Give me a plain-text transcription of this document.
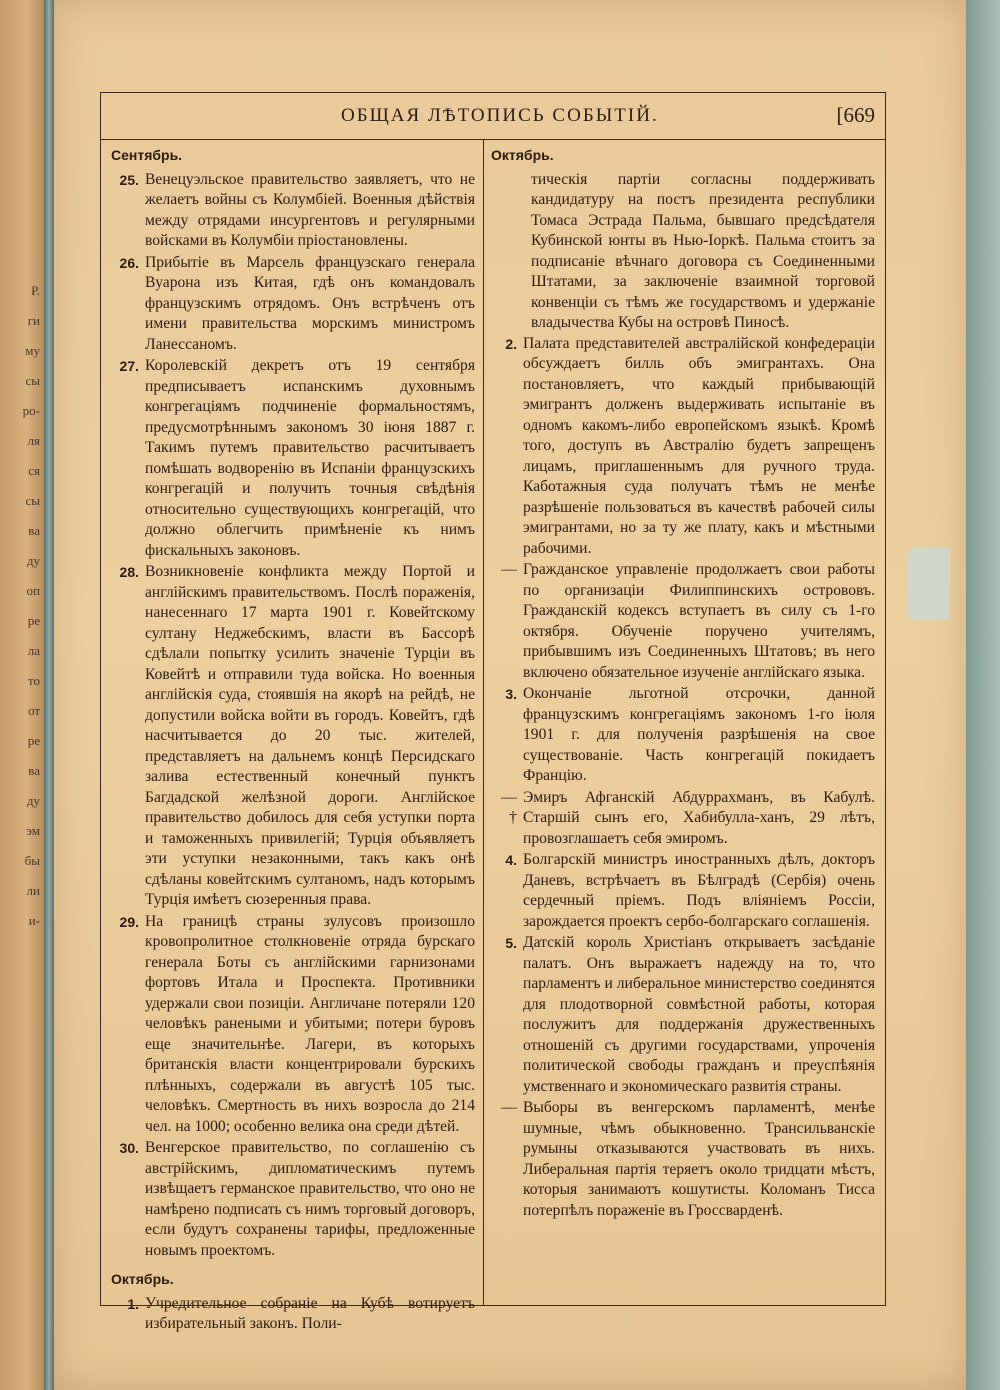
Р.
ги
му
сы
ро-
ля
ся
сы
ва
ду
оп
ре
ла
то
от
ре
ва
ду
эм
бы
ли
и-
ОБЩАЯ ЛѢТОПИСЬ СОБЫТІЙ.	[669
Сентябрь.
25. Венецуэльское правительство заявляетъ, что не желаетъ войны съ Колумбіей. Военныя дѣйствія между отрядами инсургентовъ и регулярными войсками въ Колумбіи пріостановлены.
26. Прибытіе въ Марсель французскаго генерала Вуарона изъ Китая, гдѣ онъ командовалъ французскимъ отрядомъ. Онъ встрѣченъ отъ имени правительства морскимъ министромъ Ланессаномъ.
27. Королевскій декретъ отъ 19 сентября предписываетъ испанскимъ духовнымъ конгрегаціямъ подчиненіе формальностямъ, предусмотрѣннымъ закономъ 30 іюня 1887 г. Такимъ путемъ правительство расчитываетъ помѣшать водворенію въ Испаніи французскихъ конгрегацій и получить точныя свѣдѣнія относительно существующихъ конгрегацій, что должно облегчить примѣненіе къ нимъ фискальныхъ законовъ.
28. Возникновеніе конфликта между Портой и англійскимъ правительствомъ. Послѣ пораженія, нанесеннаго 17 марта 1901 г. Ковейтскому султану Неджебскимъ, власти въ Бассорѣ сдѣлали попытку усилить значеніе Турціи въ Ковейтѣ и отправили туда войска. Но военныя англійскія суда, стоявшія на якорѣ на рейдѣ, не допустили войска войти въ городъ. Ковейтъ, гдѣ насчитывается до 20 тыс. жителей, представляетъ на дальнемъ концѣ Персидскаго залива естественный конечный пунктъ Багдадской желѣзной дороги. Англійское правительство добилось для себя уступки порта и таможенныхъ привилегій; Турція объявляетъ эти уступки незаконными, такъ какъ онѣ сдѣланы ковейтскимъ султаномъ, надъ которымъ Турція имѣетъ сюзеренныя права.
29. На границѣ страны зулусовъ произошло кровопролитное столкновеніе отряда бурскаго генерала Боты съ англійскими гарнизонами фортовъ Итала и Проспекта. Противники удержали свои позиціи. Англичане потеряли 120 человѣкъ ранеными и убитыми; потери буровъ еще значительнѣе. Лагери, въ которыхъ британскія власти концентрировали бурскихъ плѣнныхъ, содержали въ августѣ 105 тыс. человѣкъ. Смертность въ нихъ возросла до 214 чел. на 1000; особенно велика она среди дѣтей.
30. Венгерское правительство, по соглашенію съ австрійскимъ, дипломатическимъ путемъ извѣщаетъ германское правительство, что оно не намѣрено подписать съ нимъ торговый договоръ, если будутъ сохранены тарифы, предложенные новымъ проектомъ.
Октябрь.
1. Учредительное собраніе на Кубѣ вотируетъ избирательный законъ. Поли-
Октябрь.
тическія партіи согласны поддерживать кандидатуру на постъ президента республики Томаса Эстрада Пальма, бывшаго предсѣдателя Кубинской юнты въ Нью-Іоркѣ. Пальма стоитъ за подписаніе вѣчнаго договора съ Соединенными Штатами, за заключеніе взаимной торговой конвенціи съ тѣмъ же государствомъ и удержаніе владычества Кубы на островѣ Пиносѣ.
2. Палата представителей австралійской конфедераціи обсуждаетъ билль объ эмигрантахъ. Она постановляетъ, что каждый прибывающій эмигрантъ долженъ выдерживать испытаніе въ одномъ какомъ-либо европейскомъ языкѣ. Кромѣ того, доступъ въ Австралію будетъ запрещенъ лицамъ, приглашеннымъ для ручного труда. Каботажныя суда получатъ тѣмъ не менѣе разрѣшеніе пользоваться въ качествѣ рабочей силы эмигрантами, но за ту же плату, какъ и мѣстными рабочими.
— Гражданское управленіе продолжаетъ свои работы по организаціи Филиппинскихъ острововъ. Гражданскій кодексъ вступаетъ въ силу съ 1-го октября. Обученіе поручено учителямъ, прибывшимъ изъ Соединенныхъ Штатовъ; въ него включено обязательное изученіе англійскаго языка.
3. Окончаніе льготной отсрочки, данной французскимъ конгрегаціямъ закономъ 1-го іюля 1901 г. для полученія разрѣшенія на свое существованіе. Часть конгрегацій покидаетъ Францію.
— †
Эмиръ Афганскій Абдуррахманъ, въ Кабулѣ. Старшій сынъ его, Хабибулла-ханъ, 29 лѣтъ, провозглашаетъ себя эмиромъ.
4. Болгарскій министръ иностранныхъ дѣлъ, докторъ Даневъ, встрѣчаетъ въ Бѣлградѣ (Сербія) очень сердечный пріемъ. Подъ вліяніемъ Россіи, зарождается проектъ сербо-болгарскаго соглашенія.
5. Датскій король Христіанъ открываетъ засѣданіе палатъ. Онъ выражаетъ надежду на то, что парламентъ и либеральное министерство соединятся для плодотворной совмѣстной работы, которая послужитъ для поддержанія дружественныхъ отношеній съ другими государствами, упроченія политической свободы гражданъ и преуспѣянія умственнаго и экономическаго развитія страны.
— Выборы въ венгерскомъ парламентѣ, менѣе шумные, чѣмъ обыкновенно. Трансильванскіе румыны отказываются участвовать въ нихъ. Либеральная партія теряетъ около тридцати мѣстъ, которыя занимаютъ кошутисты. Коломанъ Тисса потерпѣлъ пораженіе въ Гроссварденѣ.
